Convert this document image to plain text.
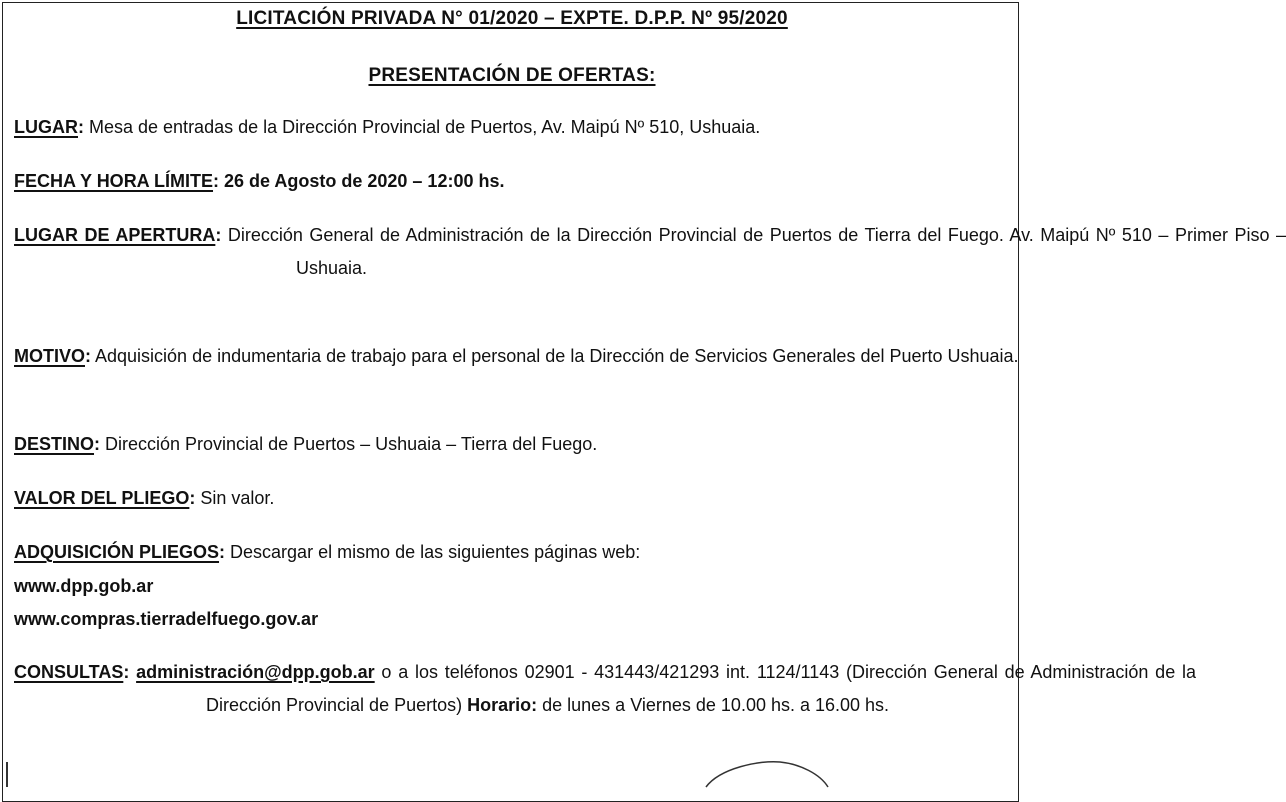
LICITACIÓN PRIVADA N° 01/2020 – EXPTE. D.P.P. Nº 95/2020
PRESENTACIÓN DE OFERTAS:
LUGAR: Mesa de entradas de la Dirección Provincial de Puertos, Av. Maipú Nº 510, Ushuaia.
FECHA Y HORA LÍMITE: 26 de Agosto de 2020 – 12:00 hs.
LUGAR DE APERTURA: Dirección General de Administración de la Dirección Provincial de Puertos de Tierra del Fuego. Av. Maipú Nº 510 – Primer Piso – Ushuaia.
MOTIVO: Adquisición de indumentaria de trabajo para el personal de la Dirección de Servicios Generales del Puerto Ushuaia.
DESTINO: Dirección Provincial de Puertos – Ushuaia – Tierra del Fuego.
VALOR DEL PLIEGO: Sin valor.
ADQUISICIÓN PLIEGOS: Descargar el mismo de las siguientes páginas web:
www.dpp.gob.ar
www.compras.tierradelfuego.gov.ar
CONSULTAS: administración@dpp.gob.ar o a los teléfonos 02901 - 431443/421293 int. 1124/1143 (Dirección General de Administración de la Dirección Provincial de Puertos) Horario: de lunes a Viernes de 10.00 hs. a 16.00 hs.
